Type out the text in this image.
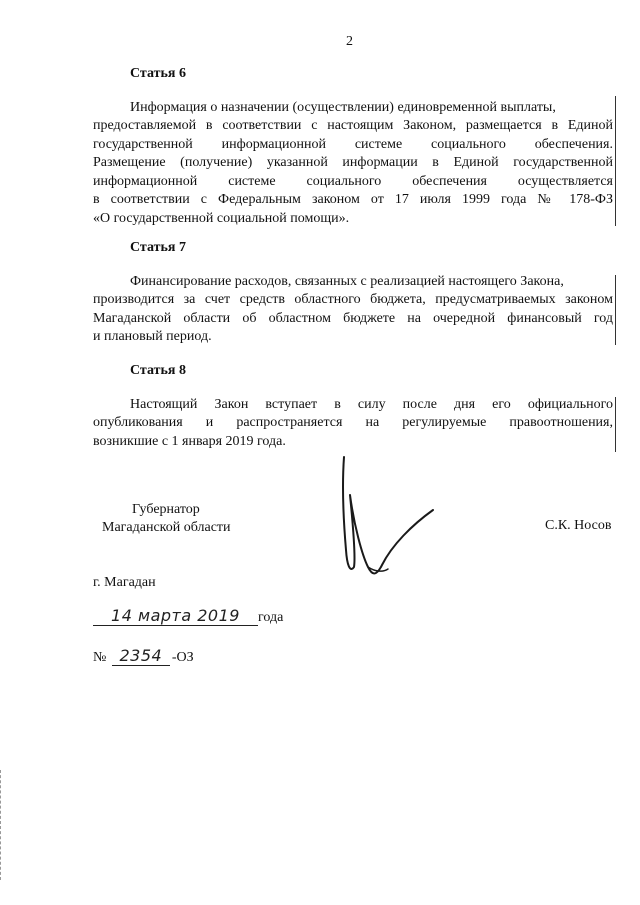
2
Статья 6

Информация о назначении (осуществлении) единовременной выплаты,

предоставляемой в соответствии с настоящим Законом, размещается в Единой
государственной информационной системе социального обеспечения.
Размещение (получение) указанной информации в Единой государственной
информационной системе социального обеспечения осуществляется
в соответствии с Федеральным законом от 17 июля 1999 года № 178-ФЗ
«О государственной социальной помощи».
Статья 7

Финансирование расходов, связанных с реализацией настоящего Закона,

производится за счет средств областного бюджета, предусматриваемых законом
Магаданской области об областном бюджете на очередной финансовый год
и плановый период.
Статья 8

Настоящий Закон вступает в силу после дня его официального

опубликования и распространяется на регулируемые правоотношения,
возникшие с 1 января 2019 года.
Губернатор
Магаданской области	С.К. Носов
г. Магадан
14 марта 2019 года
№ 2354 -ОЗ
